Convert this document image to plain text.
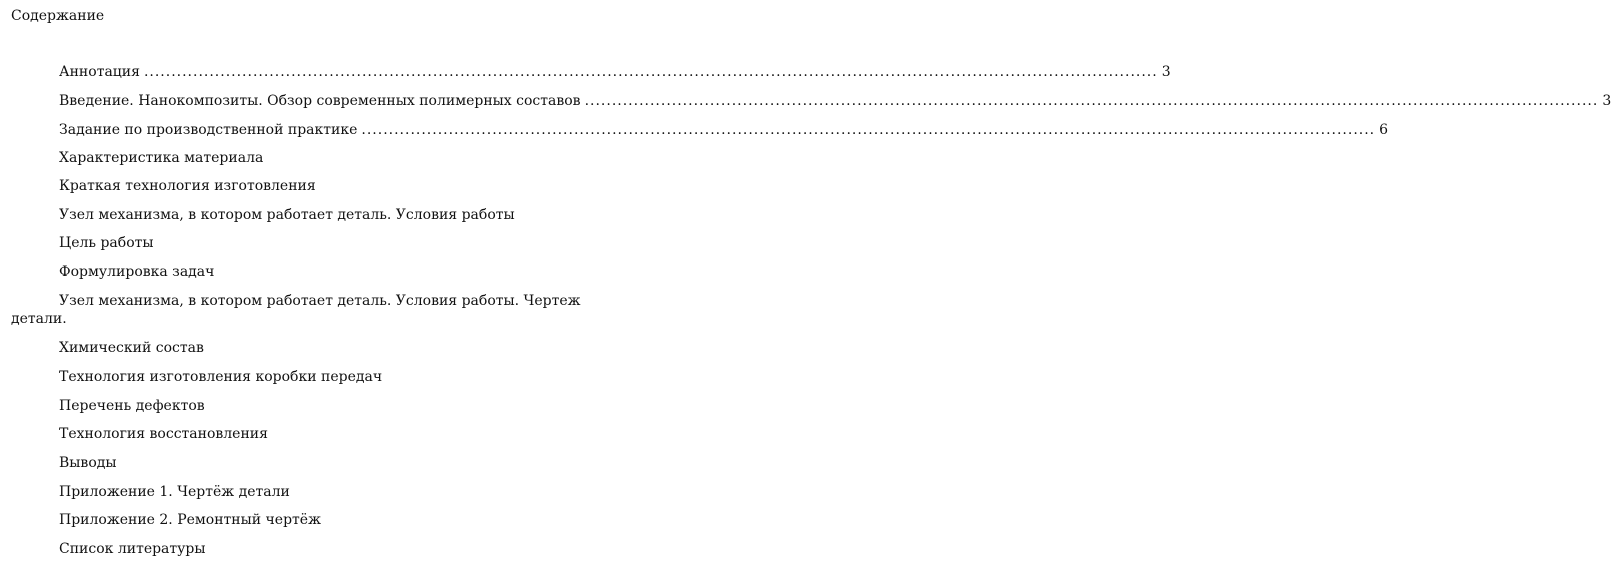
Содержание
Аннотация .......................................................................................................................................................................................... 3
Введение. Нанокомпозиты. Обзор современных полимерных составов .......................................................................................................................................................................................... 3
Задание по производственной практике .......................................................................................................................................................................................... 6
Характеристика материала
Краткая технология изготовления
Узел механизма, в котором работает деталь. Условия работы
Цель работы
Формулировка задач
Узел механизма, в котором работает деталь. Условия работы. Чертеж детали.
Химический состав
Технология изготовления коробки передач
Перечень дефектов
Технология восстановления
Выводы
Приложение 1. Чертёж детали
Приложение 2. Ремонтный чертёж
Список литературы
